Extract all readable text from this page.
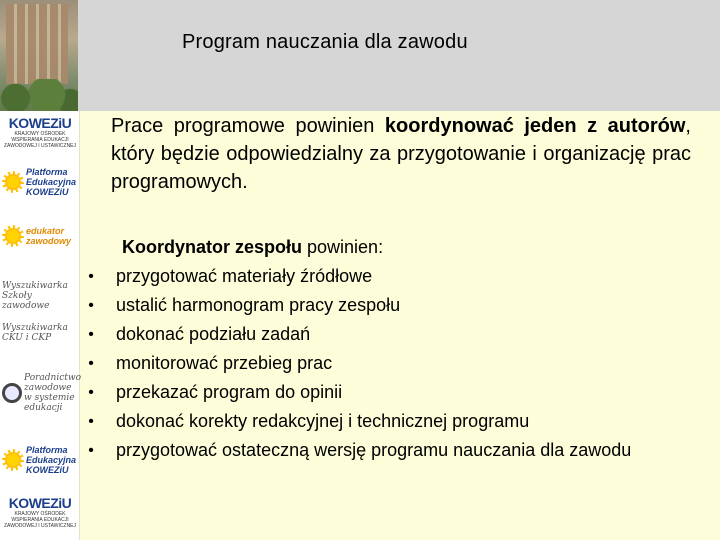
Program nauczania dla zawodu
KOWEZiU
KRAJOWY OŚRODEK WSPIERANIA EDUKACJI ZAWODOWEJ I USTAWICZNEJ
Platforma Edukacyjna KOWEZiU
edukator zawodowy
Wyszukiwarka Szkoły zawodowe
Wyszukiwarka CKU i CKP
Poradnictwo zawodowe w systemie edukacji
Platforma Edukacyjna KOWEZiU
KOWEZiU
KRAJOWY OŚRODEK WSPIERANIA EDUKACJI ZAWODOWEJ I USTAWICZNEJ
Prace programowe powinien koordynować jeden z autorów, który będzie odpowiedzialny za przygotowanie i organizację prac programowych.
Koordynator zespołu powinien:
• przygotować materiały źródłowe
• ustalić harmonogram pracy zespołu
• dokonać podziału zadań
• monitorować przebieg prac
• przekazać program do opinii
• dokonać korekty redakcyjnej i technicznej programu
• przygotować ostateczną wersję programu nauczania dla zawodu
